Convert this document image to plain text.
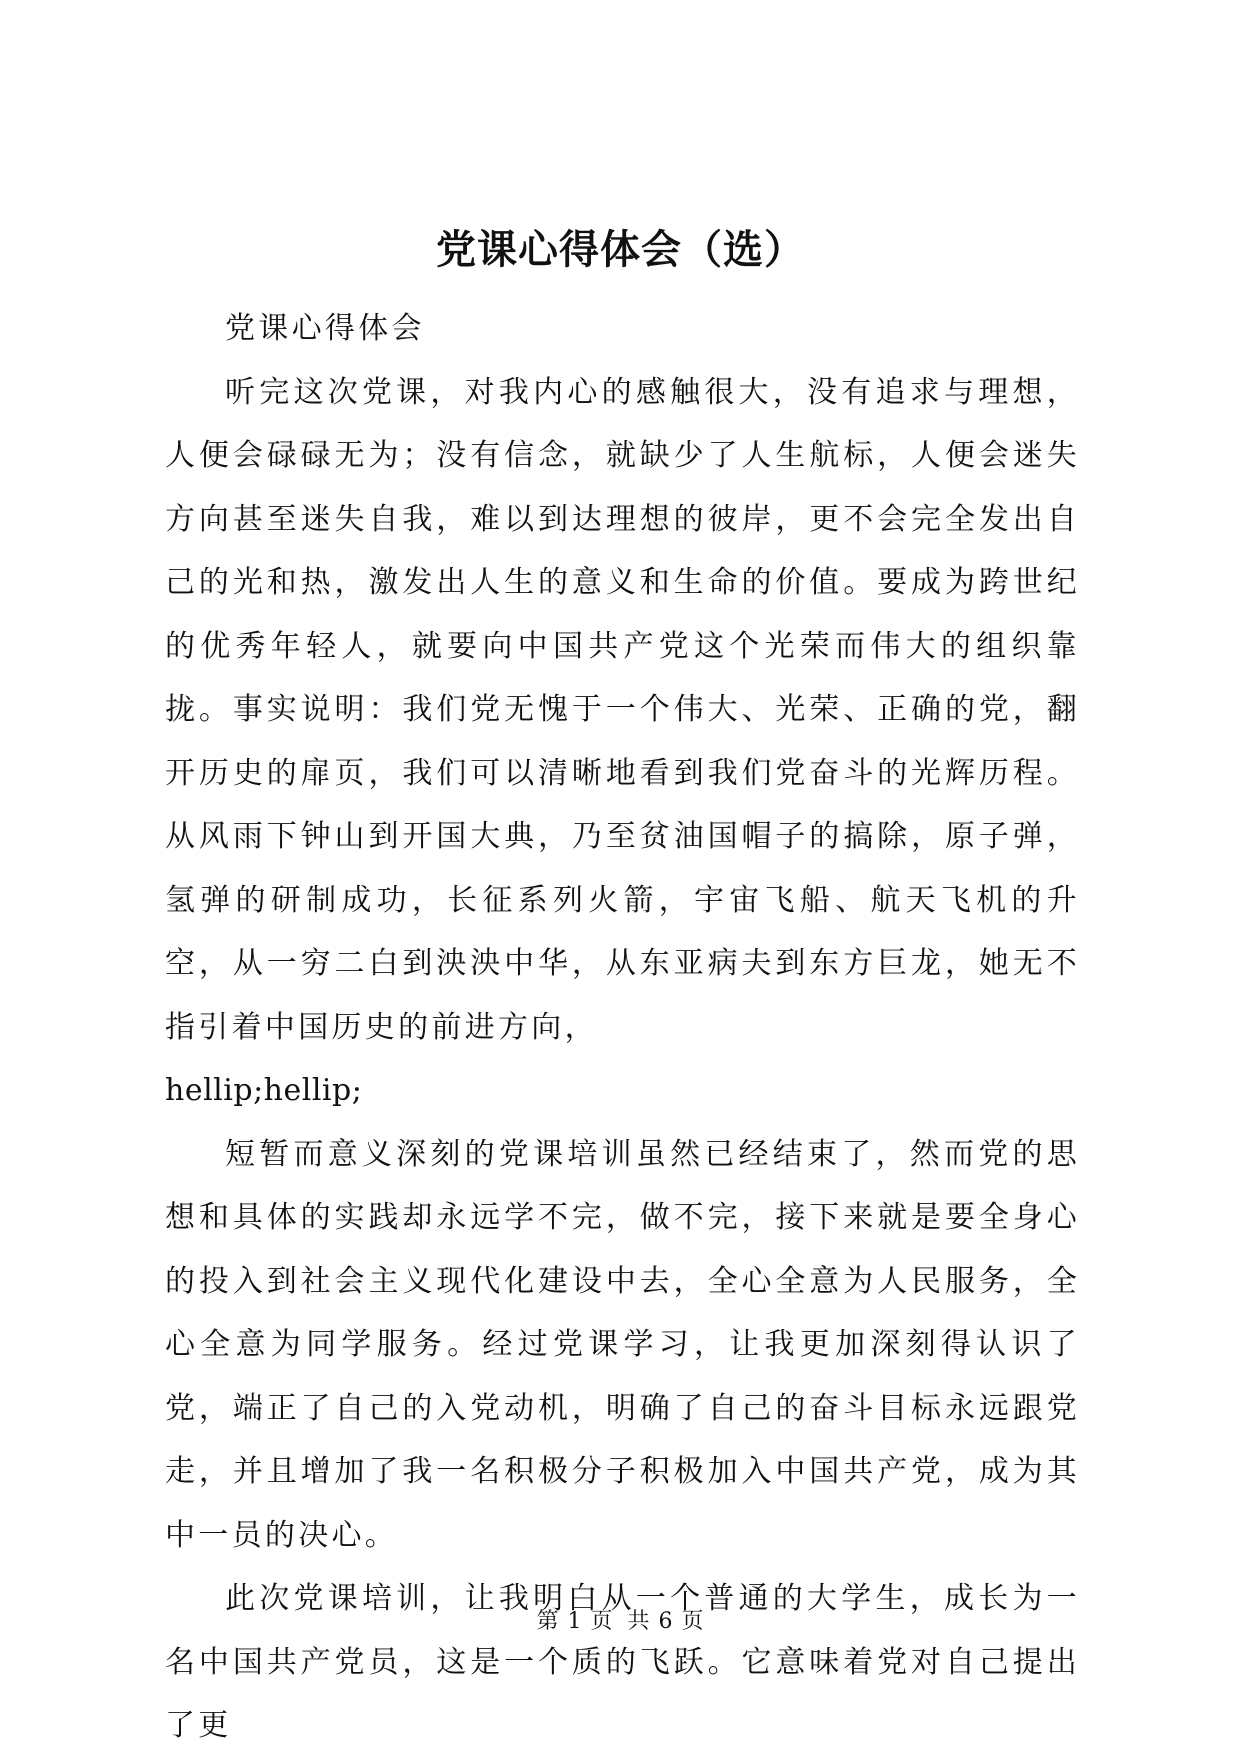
党课心得体会（选）

党课心得体会

听完这次党课，对我内心的感触很大，没有追求与理想，人便会碌碌无为；没有信念，就缺少了人生航标，人便会迷失方向甚至迷失自我，难以到达理想的彼岸，更不会完全发出自己的光和热，激发出人生的意义和生命的价值。要成为跨世纪的优秀年轻人，就要向中国共产党这个光荣而伟大的组织靠拢。事实说明：我们党无愧于一个伟大、光荣、正确的党，翻开历史的扉页，我们可以清晰地看到我们党奋斗的光辉历程。从风雨下钟山到开国大典，乃至贫油国帽子的搞除，原子弹，氢弹的研制成功，长征系列火箭，宇宙飞船、航天飞机的升空，从一穷二白到泱泱中华，从东亚病夫到东方巨龙，她无不指引着中国历史的前进方向，

hellip;hellip;

短暂而意义深刻的党课培训虽然已经结束了，然而党的思想和具体的实践却永远学不完，做不完，接下来就是要全身心的投入到社会主义现代化建设中去，全心全意为人民服务，全心全意为同学服务。经过党课学习，让我更加深刻得认识了党，端正了自己的入党动机，明确了自己的奋斗目标永远跟党走，并且增加了我一名积极分子积极加入中国共产党，成为其中一员的决心。

此次党课培训，让我明白从一个普通的大学生，成长为一名中国共产党员，这是一个质的飞跃。它意味着党对自己提出了更

第 1 页 共 6 页
